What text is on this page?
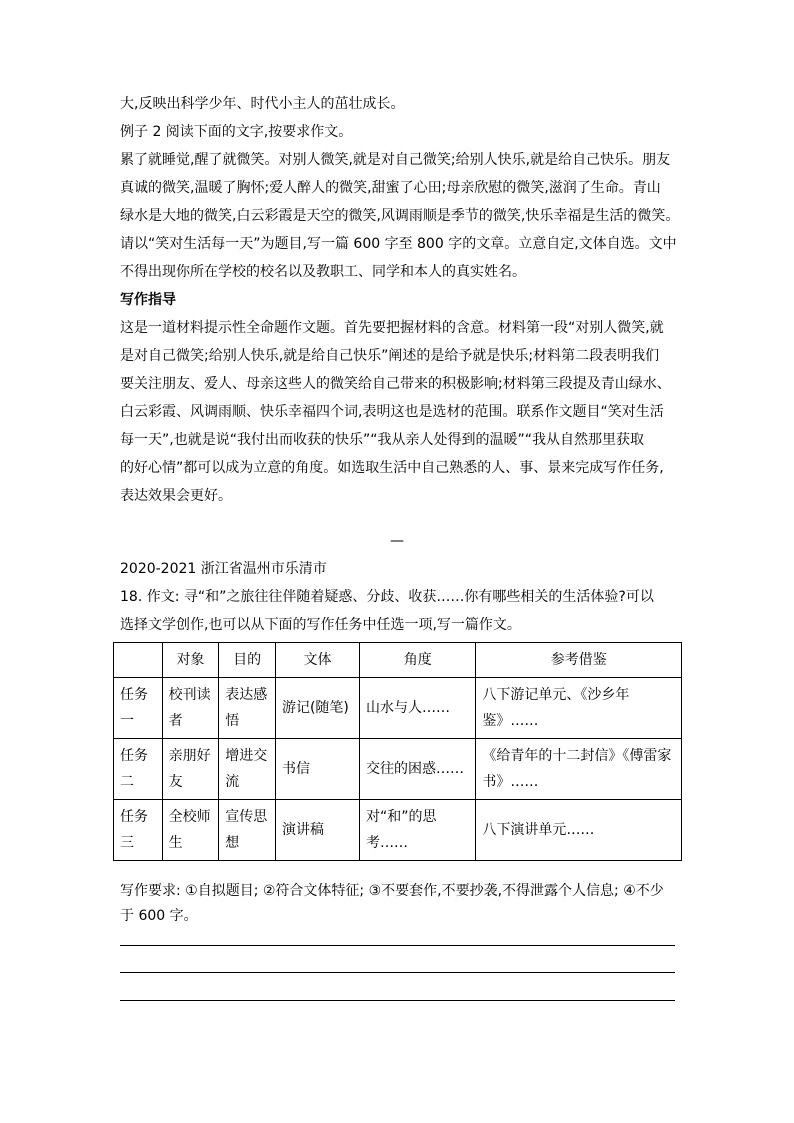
大,反映出科学少年、时代小主人的茁壮成长。
例子 2 阅读下面的文字,按要求作文。
累了就睡觉,醒了就微笑。对别人微笑,就是对自己微笑;给别人快乐,就是给自己快乐。朋友
真诚的微笑,温暖了胸怀;爱人醉人的微笑,甜蜜了心田;母亲欣慰的微笑,滋润了生命。青山
绿水是大地的微笑,白云彩霞是天空的微笑,风调雨顺是季节的微笑,快乐幸福是生活的微笑。
请以“笑对生活每一天”为题目,写一篇 600 字至 800 字的文章。立意自定,文体自选。文中
不得出现你所在学校的校名以及教职工、同学和本人的真实姓名。
写作指导
这是一道材料提示性全命题作文题。首先要把握材料的含意。材料第一段“对别人微笑,就
是对自己微笑;给别人快乐,就是给自己快乐”阐述的是给予就是快乐;材料第二段表明我们
要关注朋友、爱人、母亲这些人的微笑给自己带来的积极影响;材料第三段提及青山绿水、
白云彩霞、风调雨顺、快乐幸福四个词,表明这也是选材的范围。联系作文题目“笑对生活
每一天”,也就是说“我付出而收获的快乐”“我从亲人处得到的温暖”“我从自然那里获取
的好心情”都可以成为立意的角度。如选取生活中自己熟悉的人、事、景来完成写作任务,
表达效果会更好。
—
2020-2021 浙江省温州市乐清市
18. 作文: 寻“和”之旅往往伴随着疑惑、分歧、收获……你有哪些相关的生活体验?可以
选择文学创作,也可以从下面的写作任务中任选一项,写一篇作文。
	对象	目的	文体	角度	参考借鉴
任务一	校刊读者	表达感悟	游记(随笔)	山水与人……	八下游记单元、《沙乡年鉴》……
任务二	亲朋好友	增进交流	书信	交往的困惑……	《给青年的十二封信》《傅雷家书》……
任务三	全校师生	宣传思想	演讲稿	对“和”的思考……	八下演讲单元……
写作要求: ①自拟题目; ②符合文体特征; ③不要套作,不要抄袭,不得泄露个人信息; ④不少
于 600 字。
